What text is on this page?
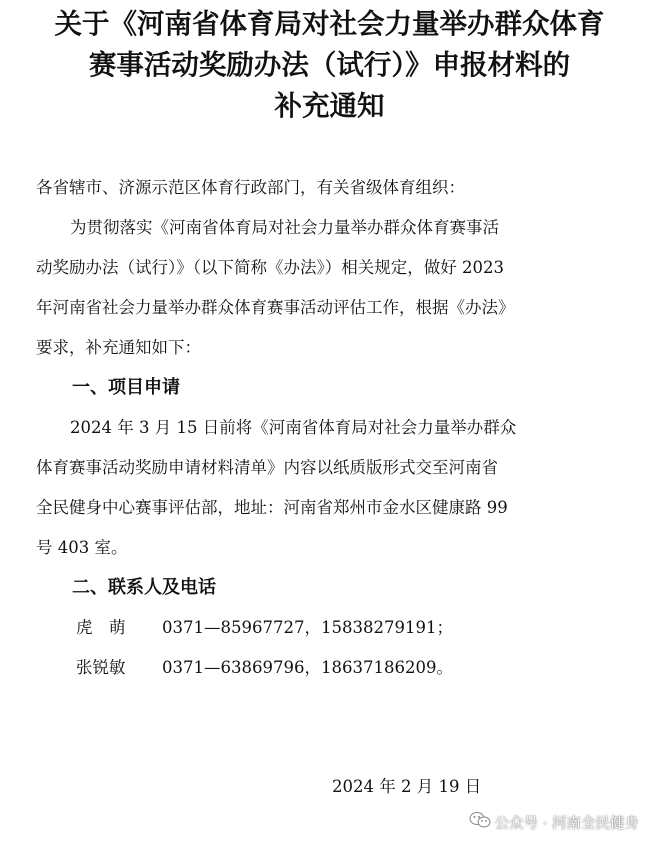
关于《河南省体育局对社会力量举办群众体育
赛事活动奖励办法（试行）》申报材料的
补充通知
各省辖市、济源示范区体育行政部门，有关省级体育组织：
为贯彻落实《河南省体育局对社会力量举办群众体育赛事活
动奖励办法（试行）》（以下简称《办法》）相关规定，做好 2023
年河南省社会力量举办群众体育赛事活动评估工作，根据《办法》
要求，补充通知如下：
一、项目申请
2024 年 3 月 15 日前将《河南省体育局对社会力量举办群众
体育赛事活动奖励申请材料清单》内容以纸质版形式交至河南省
全民健身中心赛事评估部，地址：河南省郑州市金水区健康路 99
号 403 室。
二、联系人及电话
虎　萌 0371—85967727，15838279191；
张锐敏 0371—63869796，18637186209。
2024 年 2 月 19 日
公众号 · 河南全民健身
